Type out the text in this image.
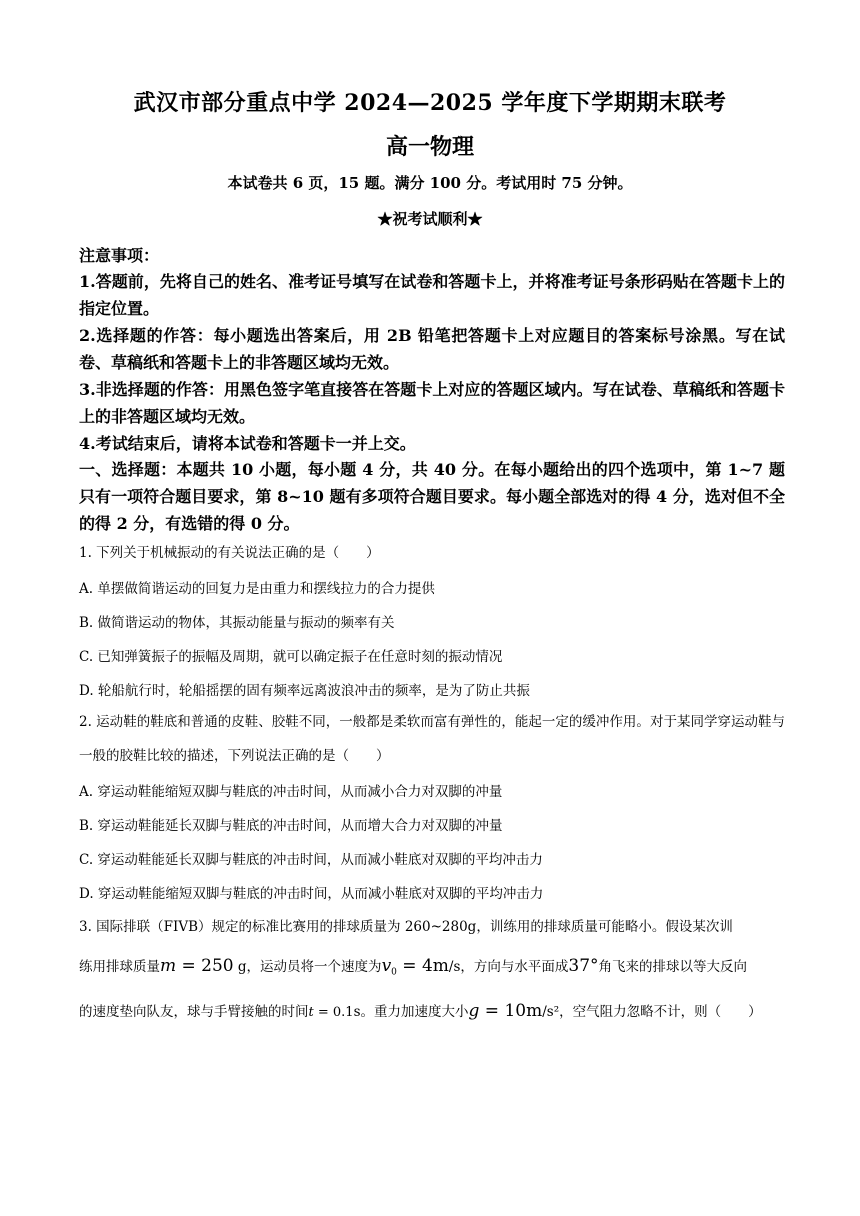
武汉市部分重点中学 2024—2025 学年度下学期期末联考
高一物理
本试卷共 6 页，15 题。满分 100 分。考试用时 75 分钟。
★祝考试顺利★
注意事项：
1.答题前，先将自己的姓名、准考证号填写在试卷和答题卡上，并将准考证号条形码贴在答题卡上的指定位置。
2.选择题的作答：每小题选出答案后，用 2B 铅笔把答题卡上对应题目的答案标号涂黑。写在试卷、草稿纸和答题卡上的非答题区域均无效。
3.非选择题的作答：用黑色签字笔直接答在答题卡上对应的答题区域内。写在试卷、草稿纸和答题卡上的非答题区域均无效。
4.考试结束后，请将本试卷和答题卡一并上交。
一、选择题：本题共 10 小题，每小题 4 分，共 40 分。在每小题给出的四个选项中，第 1~7 题只有一项符合题目要求，第 8~10 题有多项符合题目要求。每小题全部选对的得 4 分，选对但不全的得 2 分，有选错的得 0 分。
1. 下列关于机械振动的有关说法正确的是（　　）
A. 单摆做简谐运动的回复力是由重力和摆线拉力的合力提供
B. 做简谐运动的物体，其振动能量与振动的频率有关
C. 已知弹簧振子的振幅及周期，就可以确定振子在任意时刻的振动情况
D. 轮船航行时，轮船摇摆的固有频率远离波浪冲击的频率，是为了防止共振
2. 运动鞋的鞋底和普通的皮鞋、胶鞋不同，一般都是柔软而富有弹性的，能起一定的缓冲作用。对于某同学穿运动鞋与一般的胶鞋比较的描述，下列说法正确的是（　　）
A. 穿运动鞋能缩短双脚与鞋底的冲击时间，从而减小合力对双脚的冲量
B. 穿运动鞋能延长双脚与鞋底的冲击时间，从而增大合力对双脚的冲量
C. 穿运动鞋能延长双脚与鞋底的冲击时间，从而减小鞋底对双脚的平均冲击力
D. 穿运动鞋能缩短双脚与鞋底的冲击时间，从而减小鞋底对双脚的平均冲击力
3. 国际排联（FIVB）规定的标准比赛用的排球质量为 260~280g，训练用的排球质量可能略小。假设某次训
练用排球质量m = 250 g，运动员将一个速度为$v_0 = 4m/s$，方向与水平面成37°角飞来的排球以等大反向
的速度垫向队友，球与手臂接触的时间t = 0.1s。重力加速度大小g = 10m/s²，空气阻力忽略不计，则（　　）
